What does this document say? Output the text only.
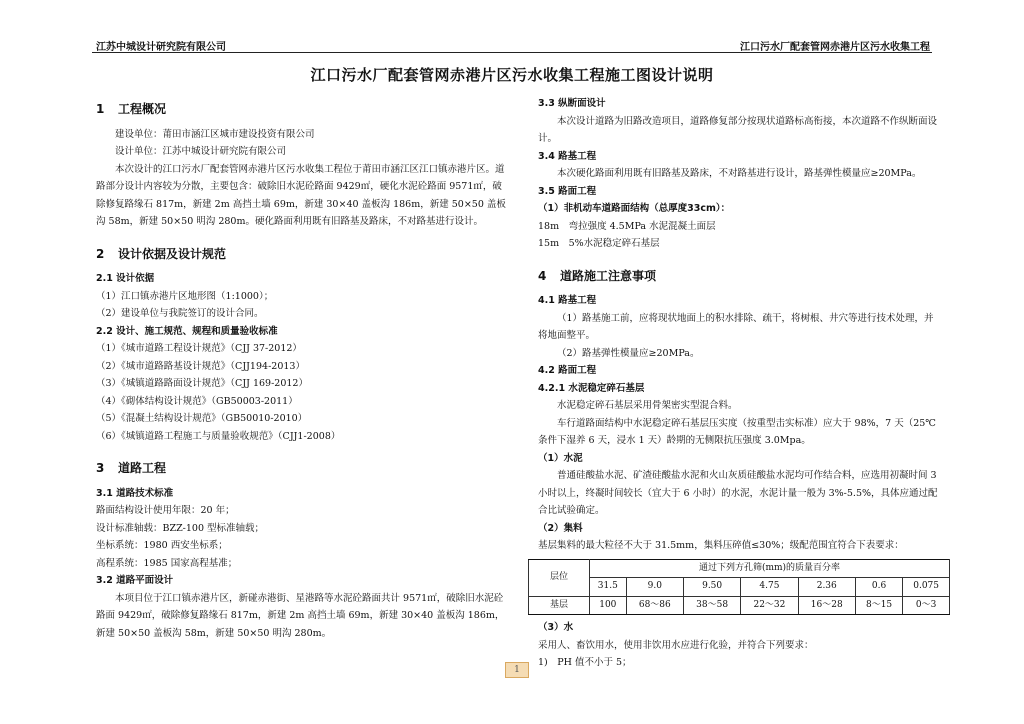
江苏中城设计研究院有限公司	江口污水厂配套管网赤港片区污水收集工程
江口污水厂配套管网赤港片区污水收集工程施工图设计说明
1 工程概况
建设单位：莆田市涵江区城市建设投资有限公司
设计单位：江苏中城设计研究院有限公司
本次设计的江口污水厂配套管网赤港片区污水收集工程位于莆田市涵江区江口镇赤港片区。道路部分设计内容较为分散，主要包含：破除旧水泥砼路面 9429㎡，硬化水泥砼路面 9571㎡，破除修复路缘石 817m，新建 2m 高挡土墙 69m，新建 30×40 盖板沟 186m，新建 50×50 盖板沟 58m，新建 50×50 明沟 280m。硬化路面利用既有旧路基及路床，不对路基进行设计。
2 设计依据及设计规范
2.1 设计依据
（1）江口镇赤港片区地形图（1:1000）；
（2）建设单位与我院签订的设计合同。
2.2 设计、施工规范、规程和质量验收标准
（1）《城市道路工程设计规范》（CJJ 37-2012）
（2）《城市道路路基设计规范》（CJJ194-2013）
（3）《城镇道路路面设计规范》（CJJ 169-2012）
（4）《砌体结构设计规范》（GB50003-2011）
（5）《混凝土结构设计规范》（GB50010-2010）
（6）《城镇道路工程施工与质量验收规范》（CJJ1-2008）
3 道路工程
3.1 道路技术标准
路面结构设计使用年限：20 年；
设计标准轴载：BZZ-100 型标准轴载；
坐标系统：1980 西安坐标系；
高程系统：1985 国家高程基准；
3.2 道路平面设计
本项目位于江口镇赤港片区，新碰赤港街、星港路等水泥砼路面共计 9571㎡，破除旧水泥砼路面 9429㎡，破除修复路缘石 817m，新建 2m 高挡土墙 69m，新建 30×40 盖板沟 186m，新建 50×50 盖板沟 58m，新建 50×50 明沟 280m。
3.3 纵断面设计
本次设计道路为旧路改造项目，道路修复部分按现状道路标高衔接，本次道路不作纵断面设计。
3.4 路基工程
本次硬化路面利用既有旧路基及路床，不对路基进行设计，路基弹性模量应≥20MPa。
3.5 路面工程
（1）非机动车道路面结构（总厚度33cm）：
18m　弯拉强度 4.5MPa 水泥混凝土面层
15m　5%水泥稳定碎石基层
4 道路施工注意事项
4.1 路基工程
（1）路基施工前，应将现状地面上的积水排除、疏干，将树根、井穴等进行技术处理，并将地面整平。
（2）路基弹性模量应≥20MPa。
4.2 路面工程
4.2.1 水泥稳定碎石基层
水泥稳定碎石基层采用骨架密实型混合料。
车行道路面结构中水泥稳定碎石基层压实度（按重型击实标准）应大于 98%，7 天（25℃条件下湿养 6 天，浸水 1 天）龄期的无侧限抗压强度 3.0Mpa。
（1）水泥
普通硅酸盐水泥、矿渣硅酸盐水泥和火山灰质硅酸盐水泥均可作结合料，应选用初凝时间 3 小时以上，终凝时间较长（宜大于 6 小时）的水泥，水泥计量一般为 3%-5.5%，具体应通过配合比试验确定。
（2）集料
基层集料的最大粒径不大于 31.5mm，集料压碎值≤30%；级配范围宜符合下表要求：
层位	通过下列方孔筛(mm)的质量百分率						
	31.5	9.0	9.50	4.75	2.36	0.6	0.075
基层	100	68～86	38～58	22～32	16～28	8～15	0～3
（3）水
采用人、畜饮用水，使用非饮用水应进行化验，并符合下列要求：
1)　PH 值不小于 5；
1
